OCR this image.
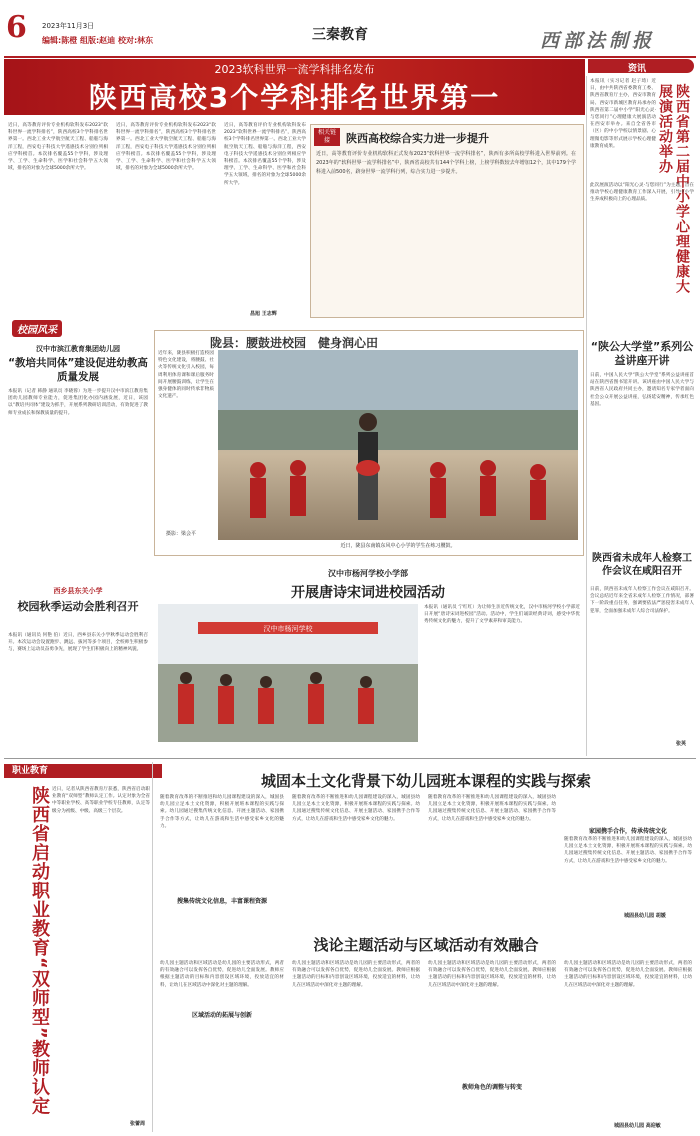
6 2023年11月3日
编辑:陈橙 组版:赵迪 校对:林东	三秦教育	西部法制报
2023软科世界一流学科排名发布
陕西高校3个学科排名世界第一
近日，高等教育评价专业机构软科发布2023“软科世界一流学科排名”，陕西高校3个学科排名世界第一。西北工业大学航空航天工程、船舶与海洋工程，西安电子科技大学遥感技术分别位列相应学科榜首。本次排名覆盖55个学科，涉及理学、工学、生命科学、医学和社会科学五大领域，排名的对象为全球5000余所大学。
近日，高等教育评价专业机构软科发布2023“软科世界一流学科排名”，陕西高校3个学科排名世界第一。西北工业大学航空航天工程、船舶与海洋工程，西安电子科技大学遥感技术分别位列相应学科榜首。本次排名覆盖55个学科，涉及理学、工学、生命科学、医学和社会科学五大领域，排名的对象为全球5000余所大学。
近日，高等教育评价专业机构软科发布2023“软科世界一流学科排名”，陕西高校3个学科排名世界第一。西北工业大学航空航天工程、船舶与海洋工程，西安电子科技大学遥感技术分别位列相应学科榜首。本次排名覆盖55个学科，涉及理学、工学、生命科学、医学和社会科学五大领域，排名的对象为全球5000余所大学。
昌旭 王志辉
相关链接	陕西高校综合实力进一步提升
近日，高等教育评价专业机构软科正式发布2023“软科世界一流学科排名”，陕西有多所高校学科进入世界前列。在2023年的“软科世界一流学科排名”中，陕西省高校共有144个学科上榜，上榜学科数较去年增加12个，其中179个学科进入前500名，跻身世界一流学科行列，综合实力进一步提升。
资讯
本报讯（实习记者 赵子琦）近日，由中共陕西省委教育工委、陕西省教育厅主办，西安市教育局、西安市新城区教育局承办的陕西省第二届中小学“阳光心灵·与您同行”心理健康大展演活动在西安市举办。来自全省各市（区）的中小学校以情景剧、心理微电影等形式展示学校心理健康教育成果。	陕西省第二届中小学心理健康大展演活动举办
此次展演活动以“阳光心灵·与您同行”为主题，旨在推动学校心理健康教育工作深入开展，引导中小学生养成积极向上的心理品质。
“陕公大学堂”系列公益讲座开讲
日前，中国人民大学“陕公大学堂”系列公益讲座首站在陕西省图书馆开讲。该讲座由中国人民大学与陕西省人民政府共同主办，邀请知名专家学者面向社会公众开展公益讲座，弘扬延安精神，传承红色基因。
陕西省未成年人检察工作会议在咸阳召开
日前，陕西省未成年人检察工作会议在咸阳召开。会议总结近年来全省未成年人检察工作情况，部署下一阶段重点任务，强调要依法严惩侵害未成年人犯罪，全面加强未成年人综合司法保护。
张英
校园风采
汉中市滨江教育集团幼儿园
“教培共同体”建设促进幼教高质量发展
本报讯（记者 韩静 通讯员 李晓蓉）为进一步提升汉中市滨江教育集团幼儿园教师专业能力，促进集团化办园内涵发展，近日，该园以“教培共同体”建设为抓手，开展系列教研培训活动，有效促进了教师专业成长和保教质量的提升。
西乡县东关小学
校园秋季运动会胜利召开
本报讯（通讯员 何艳 伯）近日，西乡县东关小学秋季运动会胜利召开。本次运动会设置跑步、跳远、拔河等多个项目，全校师生积极参与，赛场上运动员奋勇争先，展现了学生们积极向上的精神风貌。
陇县：腰鼓进校园　健身润心田
近年来，陇县积极打造校园特色文化建设，将腰鼓、社火等传统文化引入校园，每周利用体育课和课后服务时间开展腰鼓训练，让学生在强身健体的同时传承非物质文化遗产。
摄影：梁会平
近日，陇县东南镇东风中心小学的学生在练习腰鼓。
汉中市杨河学校小学部
开展唐诗宋词进校园活动
汉中市杨河学校
本报讯（通讯员 宁红红）为让师生亲近传统文化，汉中市杨河学校小学部近日开展“唐诗宋词进校园”活动。活动中，学生们诵读经典诗词，感受中华优秀传统文化的魅力，提升了文学素养和审美能力。
职业教育
陕西省启动职业教育“双师型”教师认定 近日，记者从陕西省教育厅获悉，陕西省启动职业教育“双师型”教师认定工作。认定对象为全省中等职业学校、高等职业学校专任教师，认定等级分为初级、中级、高级三个层次。
张蕾周
城固本土文化背景下幼儿园班本课程的实践与探索
随着教育改革的不断推进和幼儿园课程建设的深入，城固县幼儿园立足本土文化资源，积极开展班本课程的实践与探索。幼儿园通过搜集传统文化信息、开展主题活动、家园携手合作等方式，让幼儿在游戏和生活中感受家乡文化的魅力。
搜集传统文化信息，丰富课程资源
随着教育改革的不断推进和幼儿园课程建设的深入，城固县幼儿园立足本土文化资源，积极开展班本课程的实践与探索。幼儿园通过搜集传统文化信息、开展主题活动、家园携手合作等方式，让幼儿在游戏和生活中感受家乡文化的魅力。
随着教育改革的不断推进和幼儿园课程建设的深入，城固县幼儿园立足本土文化资源，积极开展班本课程的实践与探索。幼儿园通过搜集传统文化信息、开展主题活动、家园携手合作等方式，让幼儿在游戏和生活中感受家乡文化的魅力。
家园携手合作，传承传统文化
随着教育改革的不断推进和幼儿园课程建设的深入，城固县幼儿园立足本土文化资源，积极开展班本课程的实践与探索。幼儿园通过搜集传统文化信息、开展主题活动、家园携手合作等方式，让幼儿在游戏和生活中感受家乡文化的魅力。
城固县幼儿园 胡媛
浅论主题活动与区域活动有效融合
幼儿园主题活动和区域活动是幼儿园的主要活动形式，两者的有效融合可以发挥各自优势，促进幼儿全面发展。教师应根据主题活动的目标和内容创设区域环境，投放适宜的材料，让幼儿在区域活动中深化对主题的理解。
区域活动的拓展与创新
幼儿园主题活动和区域活动是幼儿园的主要活动形式，两者的有效融合可以发挥各自优势，促进幼儿全面发展。教师应根据主题活动的目标和内容创设区域环境，投放适宜的材料，让幼儿在区域活动中深化对主题的理解。
教师角色的调整与转变
幼儿园主题活动和区域活动是幼儿园的主要活动形式，两者的有效融合可以发挥各自优势，促进幼儿全面发展。教师应根据主题活动的目标和内容创设区域环境，投放适宜的材料，让幼儿在区域活动中深化对主题的理解。
幼儿园主题活动和区域活动是幼儿园的主要活动形式，两者的有效融合可以发挥各自优势，促进幼儿全面发展。教师应根据主题活动的目标和内容创设区域环境，投放适宜的材料，让幼儿在区域活动中深化对主题的理解。
城固县幼儿园 高迎敏
